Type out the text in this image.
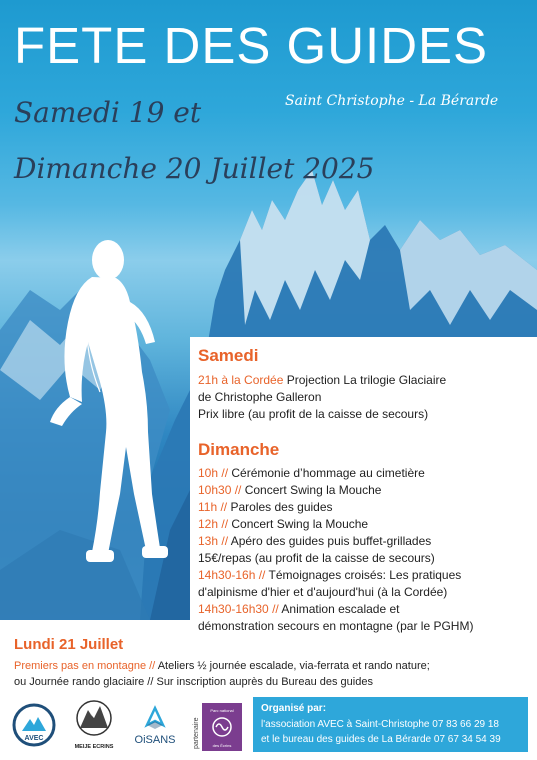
FETE DES GUIDES
Saint Christophe - La Bérarde
Samedi 19 et
Dimanche 20 Juillet 2025
Samedi
21h à la Cordée Projection La trilogie Glaciaire
de Christophe Galleron
Prix libre (au profit de la caisse de secours)
Dimanche
10h // Cérémonie d’hommage au cimetière
10h30 // Concert Swing la Mouche
11h // Paroles des guides
12h // Concert Swing la Mouche
13h // Apéro des guides puis buffet-grillades
15€/repas (au profit de la caisse de secours)
14h30-16h // Témoignages croisés: Les pratiques
d'alpinisme d'hier et d'aujourd'hui (à la Cordée)
14h30-16h30 // Animation escalade et
démonstration secours en montagne (par le PGHM)
Lundi 21 Juillet
Premiers pas en montagne // Ateliers ½ journée escalade, via-ferrata et rando nature;
ou Journée rando glaciaire // Sur inscription auprès du Bureau des guides
AVEC
MEIJE ECRINS
OiSANS	partenaire
Parc national
des Écrins
Organisé par:
l'association AVEC à Saint-Christophe 07 83 66 29 18
et le bureau des guides de La Bérarde 07 67 34 54 39
